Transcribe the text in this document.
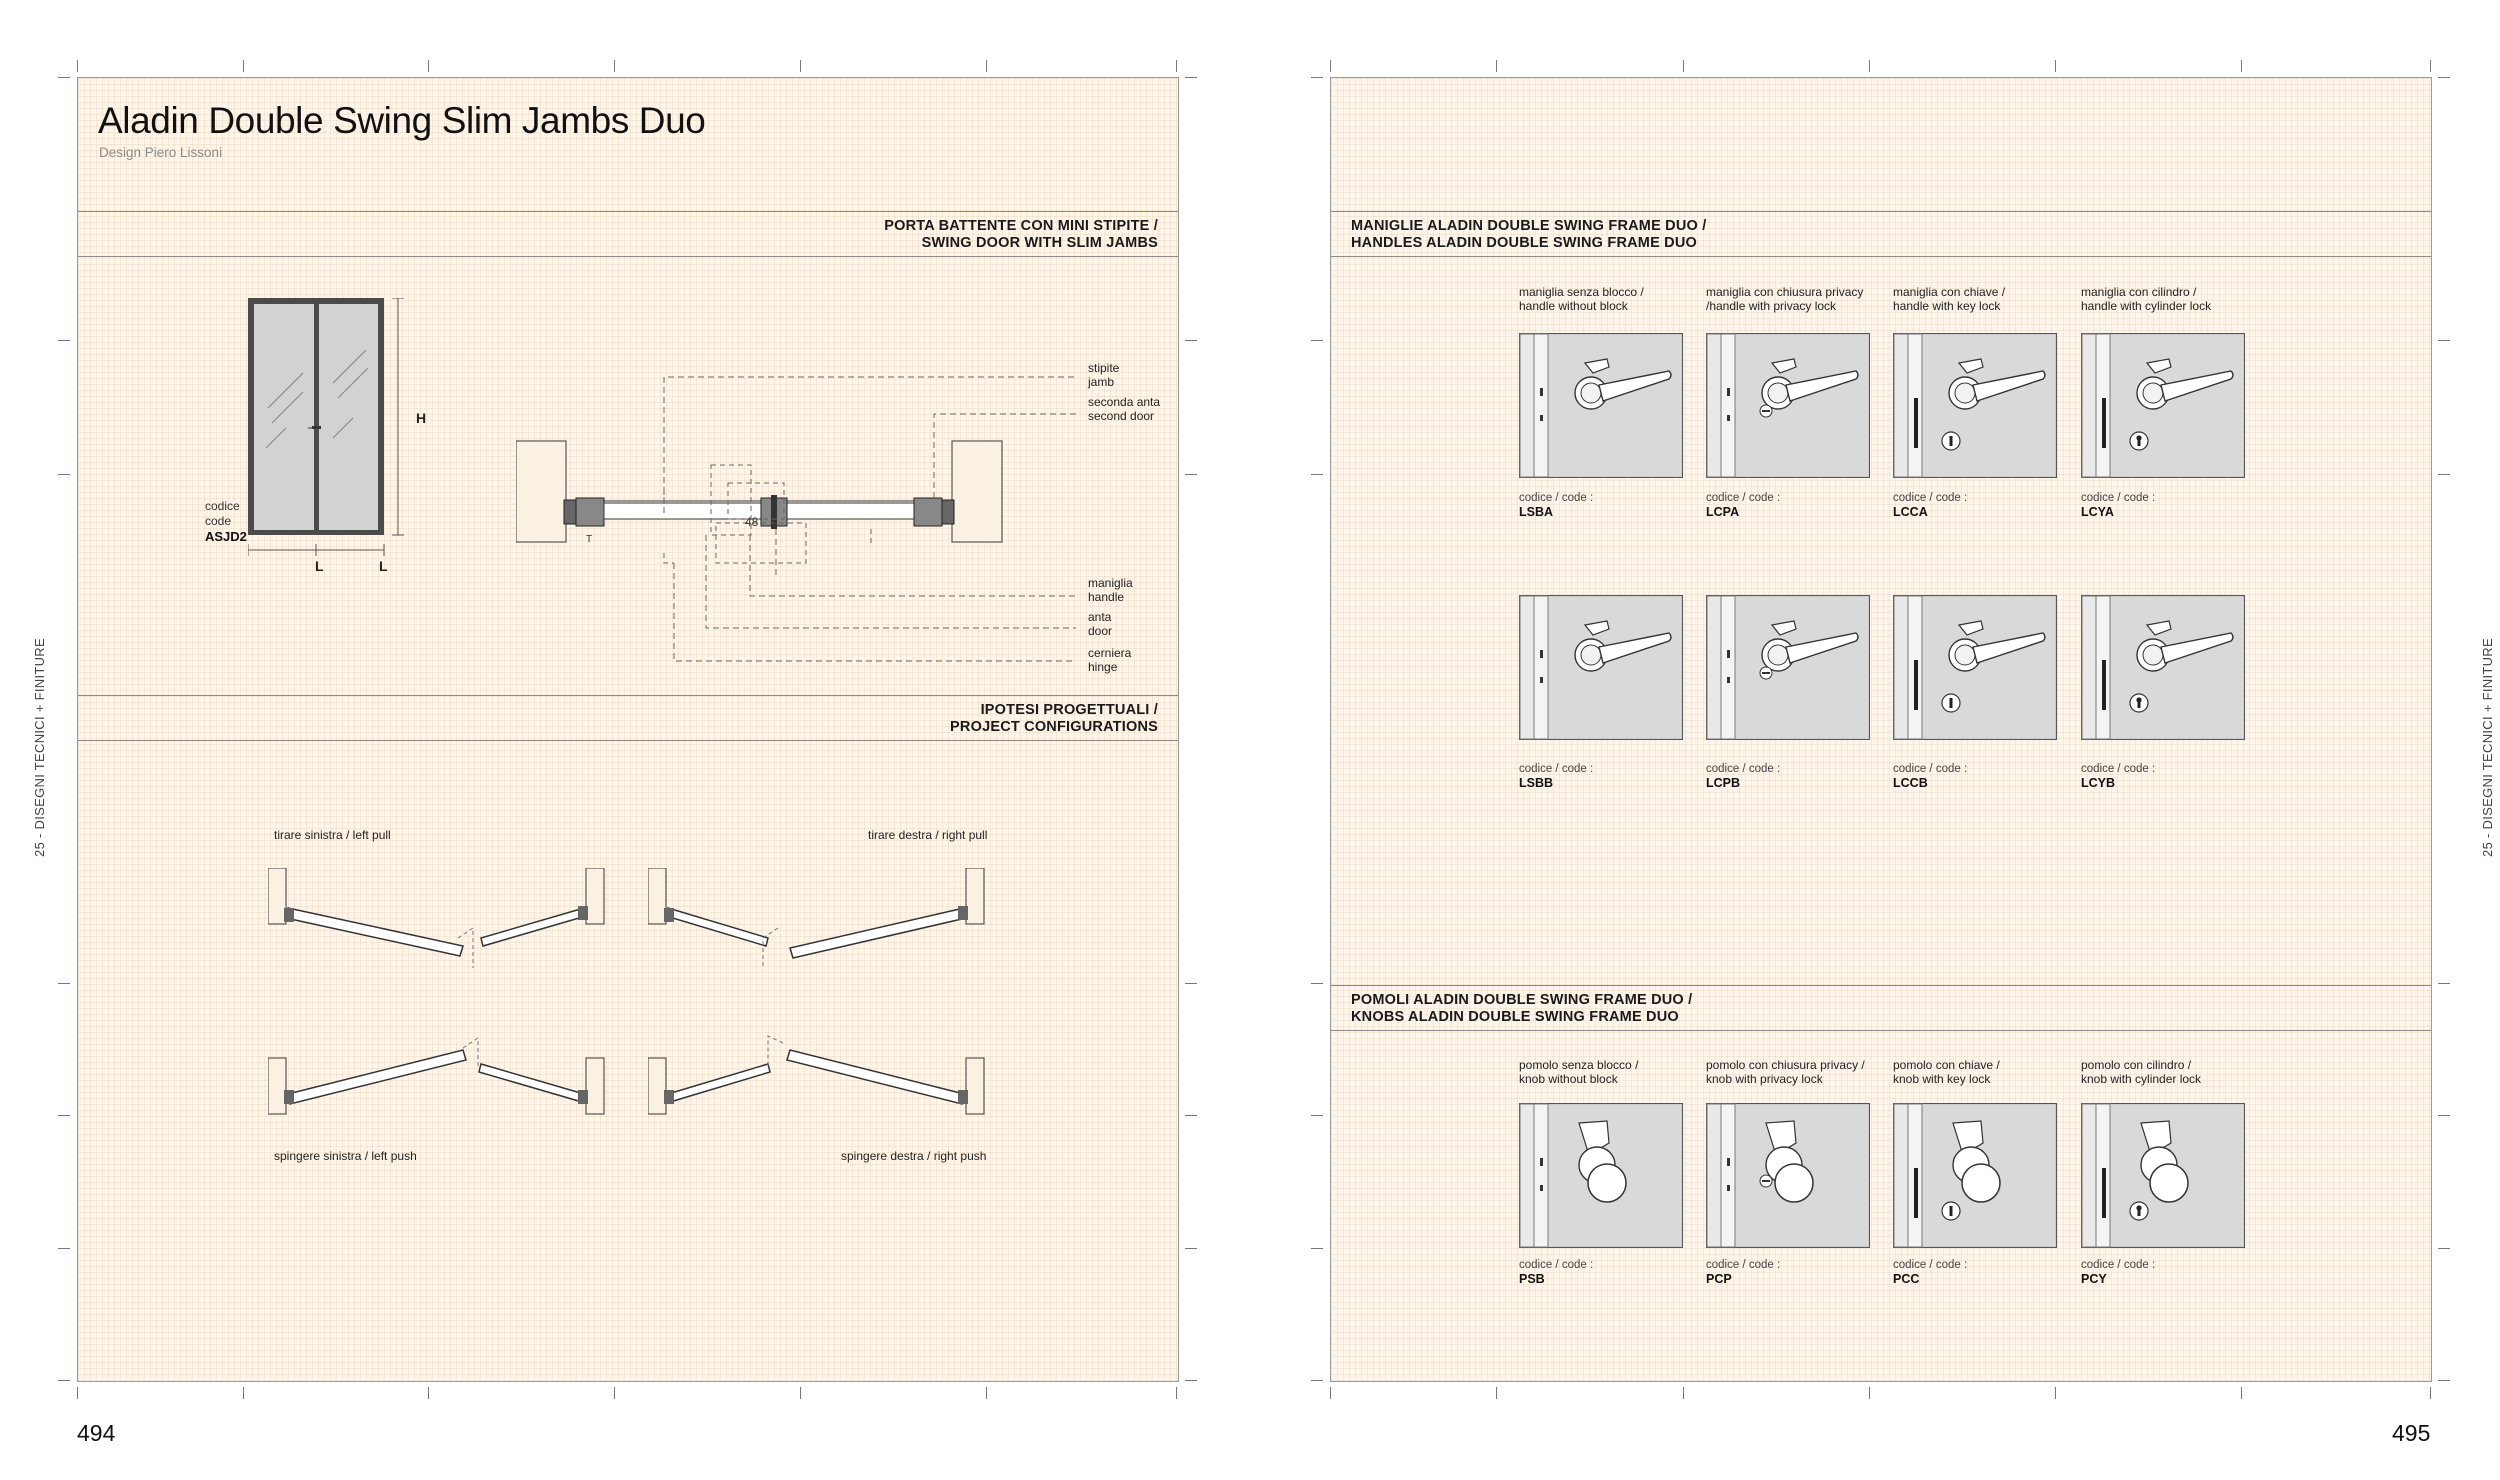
Aladin Double Swing Slim Jambs Duo
Design Piero Lissoni
PORTA BATTENTE CON MINI STIPITE /
SWING DOOR WITH SLIM JAMBS
H
L	L
codice
code
ASJD2
48
T
stipite
jamb
seconda anta
second door
maniglia
handle
anta
door
cerniera
hinge
IPOTESI PROGETTUALI /
PROJECT CONFIGURATIONS
tirare sinistra / left pull	tirare destra / right pull
spingere sinistra / left push	spingere destra / right push
MANIGLIE ALADIN DOUBLE SWING FRAME DUO /
HANDLES ALADIN DOUBLE SWING FRAME DUO
POMOLI ALADIN DOUBLE SWING FRAME DUO /
KNOBS ALADIN DOUBLE SWING FRAME DUO
maniglia senza blocco /
handle without block
codice / code :
LSBA
codice / code :
LSBB
maniglia con chiusura privacy
/handle with privacy lock
codice / code :
LCPA
codice / code :
LCPB
maniglia con chiave /
handle with key lock
codice / code :
LCCA
codice / code :
LCCB
maniglia con cilindro /
handle with cylinder lock
codice / code :
LCYA
codice / code :
LCYB
pomolo senza blocco /
knob without block
codice / code :
PSB
pomolo con chiusura privacy /
knob with privacy lock
codice / code :
PCP
pomolo con chiave /
knob with key lock
codice / code :
PCC
pomolo con cilindro /
knob with cylinder lock
codice / code :
PCY
494	495
25 - DISEGNI TECNICI + FINITURE	25 - DISEGNI TECNICI + FINITURE
